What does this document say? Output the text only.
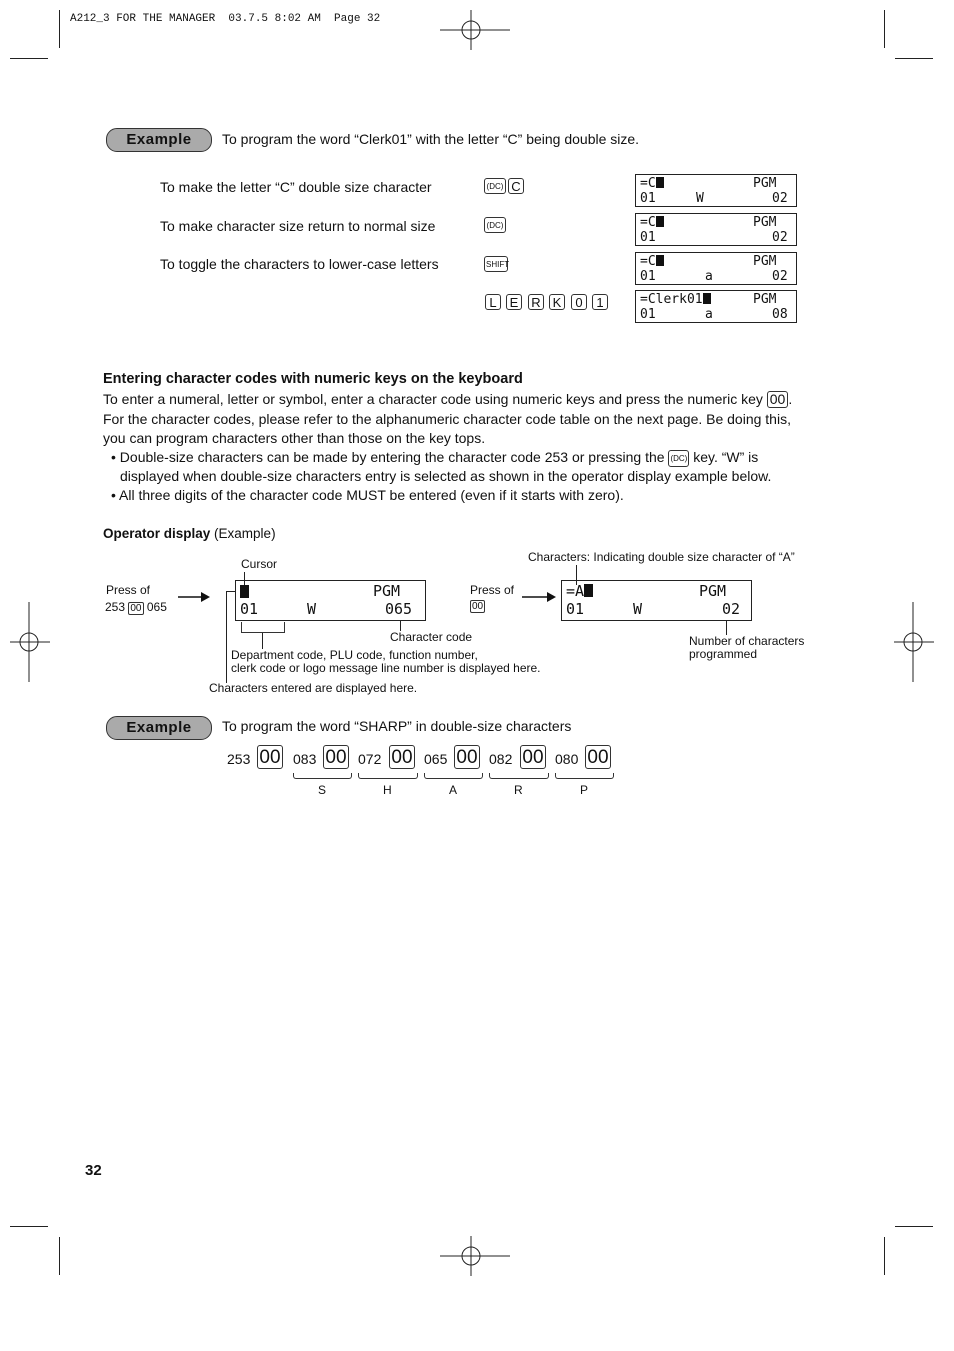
A212_3 FOR THE MANAGER  03.7.5 8:02 AM  Page 32
Example	To program the word “Clerk01” with the letter “C” being double size.
To make the letter “C” double size character	(DC) C	=C	PGM
01	W	02
To make character size return to normal size	(DC)	=C	PGM
01	02
To toggle the characters to lower-case letters	SHIFT	=C	PGM
01	a	02
L	E R K	0	1	=Clerk01	PGM
01	a	08
Entering character codes with numeric keys on the keyboard
To enter a numeral, letter or symbol, enter a character code using numeric keys and press the numeric key 00 .
For the character codes, please refer to the alphanumeric character code table on the next page. Be doing this,
you can program characters other than those on the key tops.
• Double-size characters can be made by entering the character code 253 or pressing the (DC) key. “W” is
displayed when double-size characters entry is selected as shown in the operator display example below.
• All three digits of the character code MUST be entered (even if it starts with zero).
Operator display (Example)
Cursor
Press of
253 00 065
PGM
01	W	065
Press of
00
Characters: Indicating double size character of “A”
=A	PGM
01	W	02
Character code
Department code, PLU code, function number,
clerk code or logo message line number is displayed here.
Characters entered are displayed here.
Number of characters
programmed
Example	To program the word “SHARP” in double-size characters
253 00 083 00
S
072 00
H
065 00
A
082 00
R
080 00
P
32
